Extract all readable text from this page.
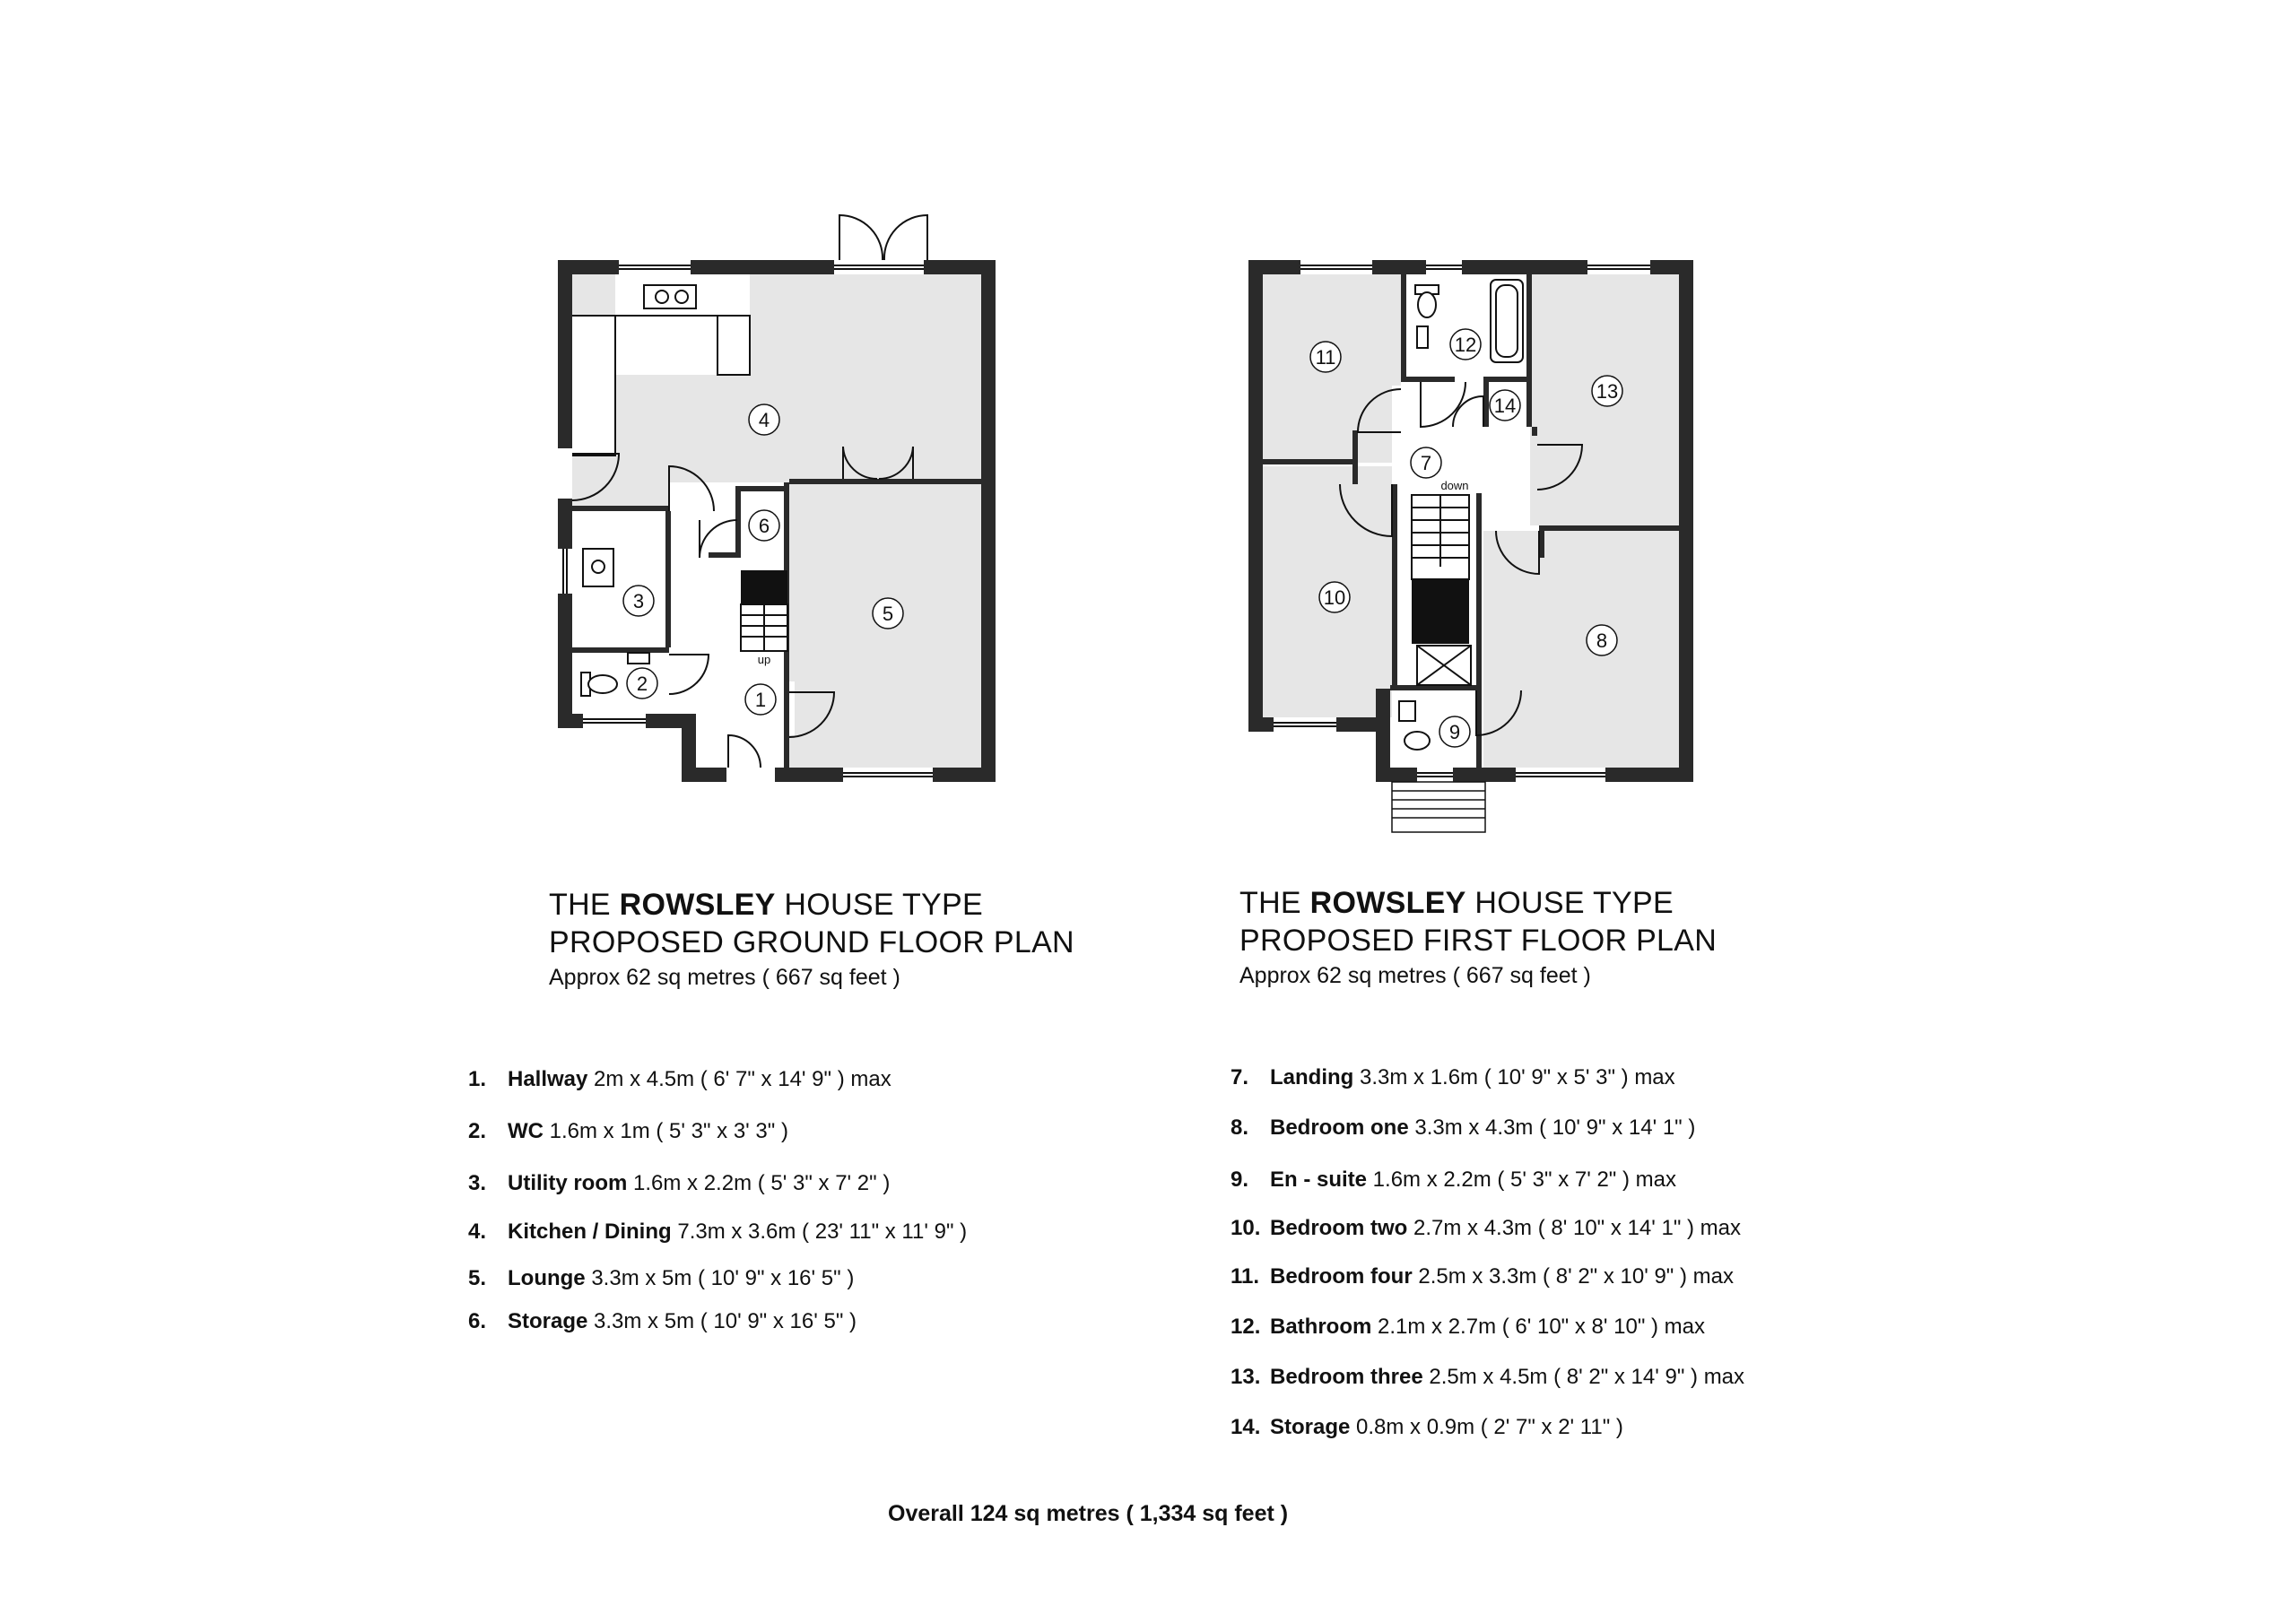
4
5
6
3
2
1
up
7
8
9
10
11
12
13
14
down
THE ROWSLEY HOUSE TYPE
PROPOSED GROUND FLOOR PLAN
Approx 62 sq metres ( 667 sq feet )
THE ROWSLEY HOUSE TYPE
PROPOSED FIRST FLOOR PLAN
Approx 62 sq metres ( 667 sq feet )
1. Hallway 2m x 4.5m ( 6' 7" x 14' 9" ) max
2. WC 1.6m x 1m ( 5' 3" x 3' 3" )
3. Utility room 1.6m x 2.2m ( 5' 3" x 7' 2" )
4. Kitchen / Dining 7.3m x 3.6m ( 23' 11" x 11' 9" )
5. Lounge 3.3m x 5m ( 10' 9" x 16' 5" )
6. Storage 3.3m x 5m ( 10' 9" x 16' 5" )
7. Landing 3.3m x 1.6m ( 10' 9" x 5' 3" ) max
8. Bedroom one 3.3m x 4.3m ( 10' 9" x 14' 1" )
9. En - suite 1.6m x 2.2m ( 5' 3" x 7' 2" ) max
10. Bedroom two 2.7m x 4.3m ( 8' 10" x 14' 1" ) max
11. Bedroom four 2.5m x 3.3m ( 8' 2" x 10' 9" ) max
12. Bathroom 2.1m x 2.7m ( 6' 10" x 8' 10" ) max
13. Bedroom three 2.5m x 4.5m ( 8' 2" x 14' 9" ) max
14. Storage 0.8m x 0.9m ( 2' 7" x 2' 11" )
Overall 124 sq metres ( 1,334 sq feet )
